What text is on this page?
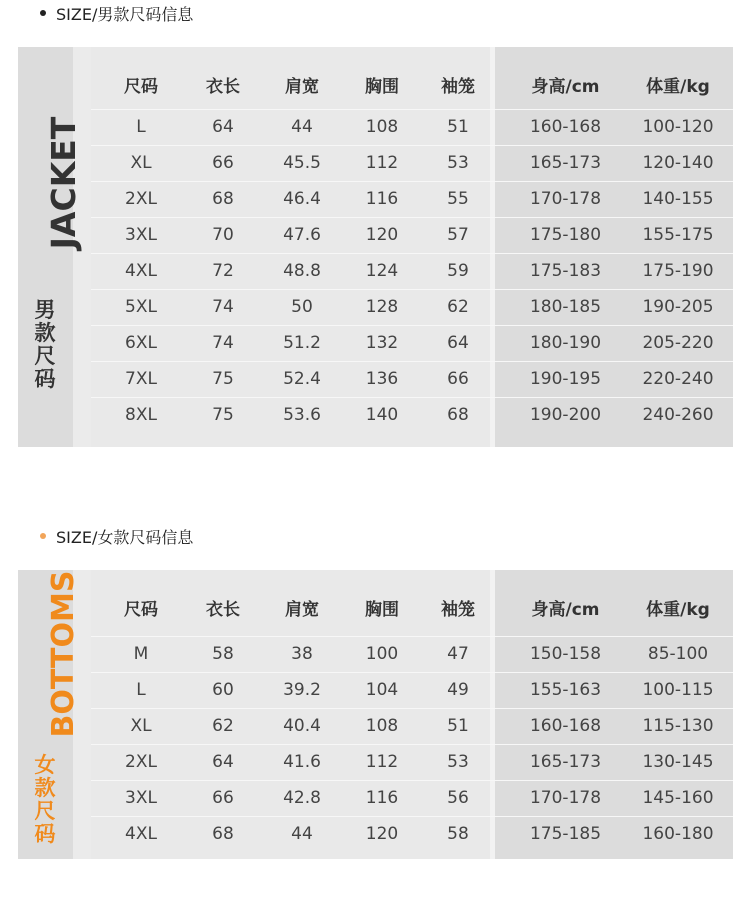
SIZE/男款尺码信息
JACKET
男
款
尺
码
尺码	衣长	肩宽	胸围	袖笼	身高/cm	体重/kg
L	64	44	108	51	160-168	100-120
XL	66	45.5	112	53	165-173	120-140
2XL	68	46.4	116	55	170-178	140-155
3XL	70	47.6	120	57	175-180	155-175
4XL	72	48.8	124	59	175-183	175-190
5XL	74	50	128	62	180-185	190-205
6XL	74	51.2	132	64	180-190	205-220
7XL	75	52.4	136	66	190-195	220-240
8XL	75	53.6	140	68	190-200	240-260
SIZE/女款尺码信息
BOTTOMS
女
款
尺
码
尺码	衣长	肩宽	胸围	袖笼	身高/cm	体重/kg
M	58	38	100	47	150-158	85-100
L	60	39.2	104	49	155-163	100-115
XL	62	40.4	108	51	160-168	115-130
2XL	64	41.6	112	53	165-173	130-145
3XL	66	42.8	116	56	170-178	145-160
4XL	68	44	120	58	175-185	160-180
